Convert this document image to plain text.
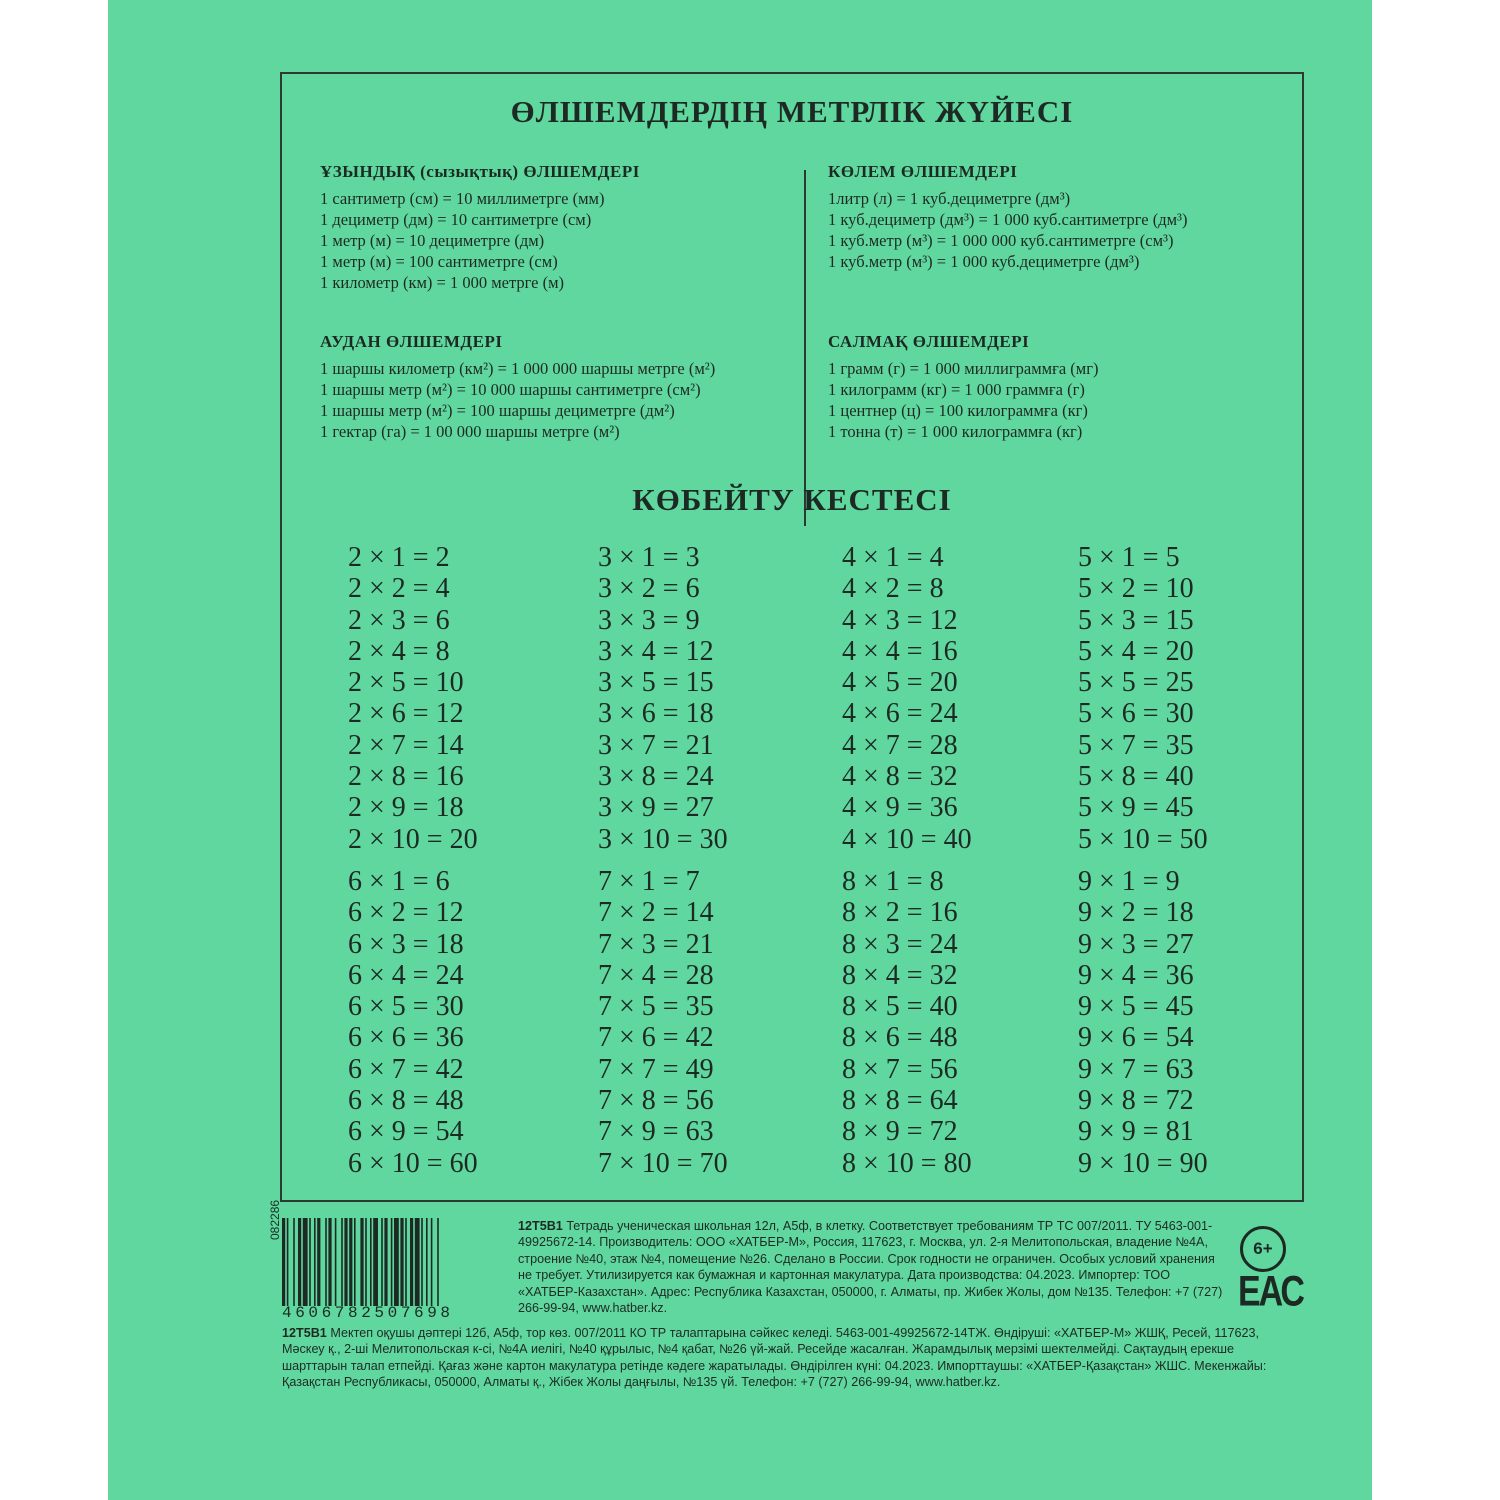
ӨЛШЕМДЕРДІҢ МЕТРЛІК ЖҮЙЕСІ
ҰЗЫНДЫҚ (сызықтық) ӨЛШЕМДЕРІ
1 сантиметр (см) = 10 миллиметрге (мм)
1 дециметр (дм) = 10 сантиметрге (см)
1 метр (м) = 10 дециметрге (дм)
1 метр (м) = 100 сантиметрге (см)
1 километр (км) = 1 000 метрге (м)
КӨЛЕМ ӨЛШЕМДЕРІ
1литр (л) = 1 куб.дециметрге (дм³)
1 куб.дециметр (дм³) = 1 000 куб.сантиметрге (дм³)
1 куб.метр (м³) = 1 000 000 куб.сантиметрге (см³)
1 куб.метр (м³) = 1 000 куб.дециметрге (дм³)
АУДАН ӨЛШЕМДЕРІ
1 шаршы километр (км²) = 1 000 000 шаршы метрге (м²)
1 шаршы метр (м²) = 10 000 шаршы сантиметрге (см²)
1 шаршы метр (м²) = 100 шаршы дециметрге (дм²)
1 гектар (га) = 1 00 000 шаршы метрге (м²)
САЛМАҚ ӨЛШЕМДЕРІ
1 грамм (г) = 1 000 миллиграммға (мг)
1 килограмм (кг) = 1 000 граммға (г)
1 центнер (ц) = 100 килограммға (кг)
1 тонна (т) = 1 000 килограммға (кг)
КӨБЕЙТУ КЕСТЕСІ
2 × 1 = 2
2 × 2 = 4
2 × 3 = 6
2 × 4 = 8
2 × 5 = 10
2 × 6 = 12
2 × 7 = 14
2 × 8 = 16
2 × 9 = 18
2 × 10 = 20
3 × 1 = 3
3 × 2 = 6
3 × 3 = 9
3 × 4 = 12
3 × 5 = 15
3 × 6 = 18
3 × 7 = 21
3 × 8 = 24
3 × 9 = 27
3 × 10 = 30
4 × 1 = 4
4 × 2 = 8
4 × 3 = 12
4 × 4 = 16
4 × 5 = 20
4 × 6 = 24
4 × 7 = 28
4 × 8 = 32
4 × 9 = 36
4 × 10 = 40
5 × 1 = 5
5 × 2 = 10
5 × 3 = 15
5 × 4 = 20
5 × 5 = 25
5 × 6 = 30
5 × 7 = 35
5 × 8 = 40
5 × 9 = 45
5 × 10 = 50
6 × 1 = 6
6 × 2 = 12
6 × 3 = 18
6 × 4 = 24
6 × 5 = 30
6 × 6 = 36
6 × 7 = 42
6 × 8 = 48
6 × 9 = 54
6 × 10 = 60
7 × 1 = 7
7 × 2 = 14
7 × 3 = 21
7 × 4 = 28
7 × 5 = 35
7 × 6 = 42
7 × 7 = 49
7 × 8 = 56
7 × 9 = 63
7 × 10 = 70
8 × 1 = 8
8 × 2 = 16
8 × 3 = 24
8 × 4 = 32
8 × 5 = 40
8 × 6 = 48
8 × 7 = 56
8 × 8 = 64
8 × 9 = 72
8 × 10 = 80
9 × 1 = 9
9 × 2 = 18
9 × 3 = 27
9 × 4 = 36
9 × 5 = 45
9 × 6 = 54
9 × 7 = 63
9 × 8 = 72
9 × 9 = 81
9 × 10 = 90
4606782507698
082286	12Т5В1 Тетрадь ученическая школьная 12л, А5ф, в клетку. Соответствует требованиям ТР ТС 007/2011. ТУ 5463-001-49925672-14. Производитель: ООО «ХАТБЕР-М», Россия, 117623, г. Москва, ул. 2-я Мелитопольская, владение №4А, строение №40, этаж №4, помещение №26. Сделано в России. Срок годности не ограничен. Особых условий хранения не требует. Утилизируется как бумажная и картонная макулатура. Дата производства: 04.2023. Импортер: ТОО «ХАТБЕР-Казахстан». Адрес: Республика Казахстан, 050000, г. Алматы, пр. Жибек Жолы, дом №135. Телефон: +7 (727) 266-99-94, www.hatber.kz.
6+
ЕАС
12Т5В1 Мектеп оқушы дәптері 12б, А5ф, тор көз. 007/2011 КО ТР талаптарына сәйкес келеді. 5463-001-49925672-14ТЖ. Өндіруші: «ХАТБЕР-М» ЖШҚ, Ресей, 117623, Мәскеу қ., 2-ші Мелитопольская к-сі, №4А иелігі, №40 құрылыс, №4 қабат, №26 үй-жай. Ресейде жасалған. Жарамдылық мерзімі шектелмейді. Сақтаудың ерекше шарттарын талап етпейді. Қағаз және картон макулатура ретінде кәдеге жаратылады. Өндірілген күні: 04.2023. Импорттаушы: «ХАТБЕР-Қазақстан» ЖШС. Мекенжайы: Қазақстан Республикасы, 050000, Алматы қ., Жібек Жолы даңғылы, №135 үй. Телефон: +7 (727) 266-99-94, www.hatber.kz.
